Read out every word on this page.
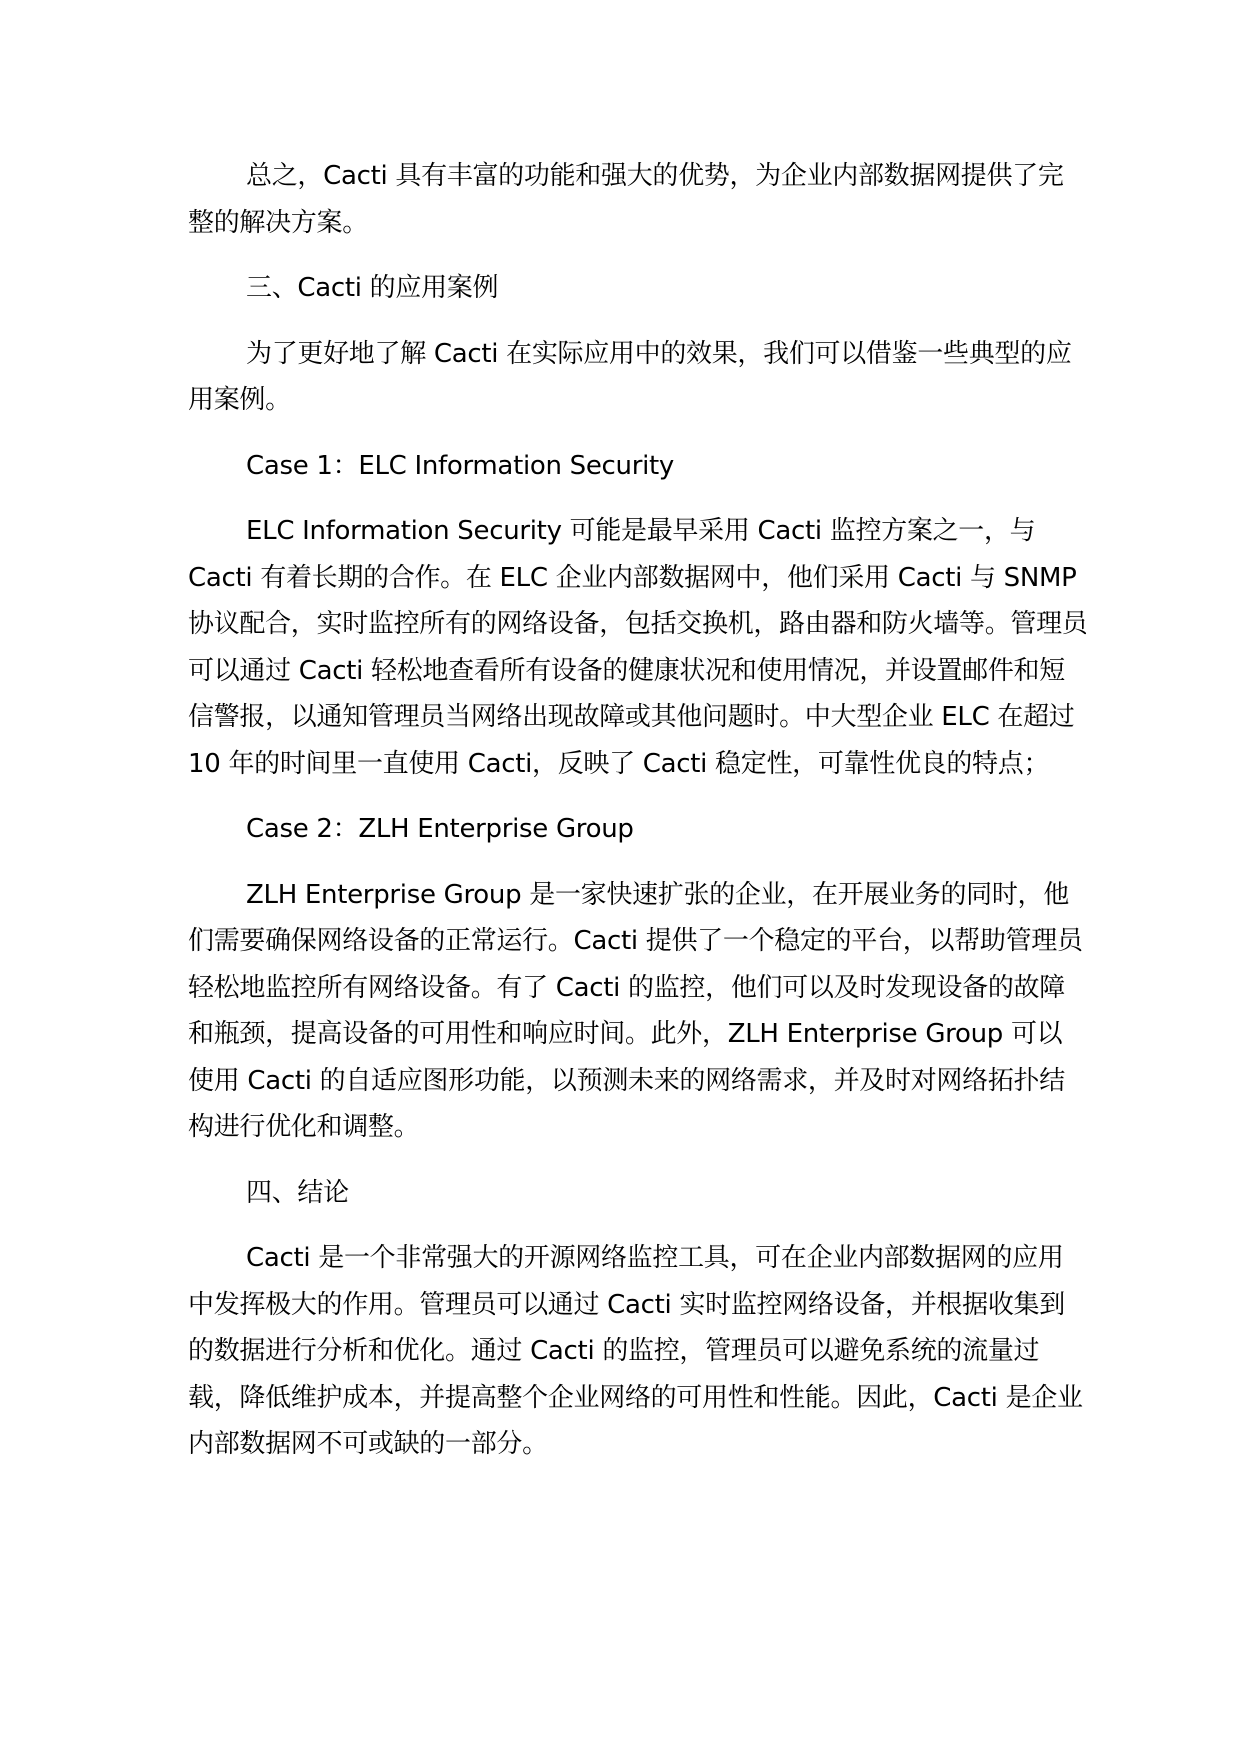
总之，Cacti 具有丰富的功能和强大的优势，为企业内部数据网提供了完整的解决方案。

三、Cacti 的应用案例

为了更好地了解 Cacti 在实际应用中的效果，我们可以借鉴一些典型的应用案例。

Case 1：ELC Information Security

ELC Information Security 可能是最早采用 Cacti 监控方案之一，与 Cacti 有着长期的合作。在 ELC 企业内部数据网中，他们采用 Cacti 与 SNMP 协议配合，实时监控所有的网络设备，包括交换机，路由器和防火墙等。管理员可以通过 Cacti 轻松地查看所有设备的健康状况和使用情况，并设置邮件和短信警报，以通知管理员当网络出现故障或其他问题时。中大型企业 ELC 在超过 10 年的时间里一直使用 Cacti，反映了 Cacti 稳定性，可靠性优良的特点；

Case 2：ZLH Enterprise Group

ZLH Enterprise Group 是一家快速扩张的企业，在开展业务的同时，他们需要确保网络设备的正常运行。Cacti 提供了一个稳定的平台，以帮助管理员轻松地监控所有网络设备。有了 Cacti 的监控，他们可以及时发现设备的故障和瓶颈，提高设备的可用性和响应时间。此外，ZLH Enterprise Group 可以使用 Cacti 的自适应图形功能，以预测未来的网络需求，并及时对网络拓扑结构进行优化和调整。

四、结论

Cacti 是一个非常强大的开源网络监控工具，可在企业内部数据网的应用中发挥极大的作用。管理员可以通过 Cacti 实时监控网络设备，并根据收集到的数据进行分析和优化。通过 Cacti 的监控，管理员可以避免系统的流量过载，降低维护成本，并提高整个企业网络的可用性和性能。因此，Cacti 是企业内部数据网不可或缺的一部分。
